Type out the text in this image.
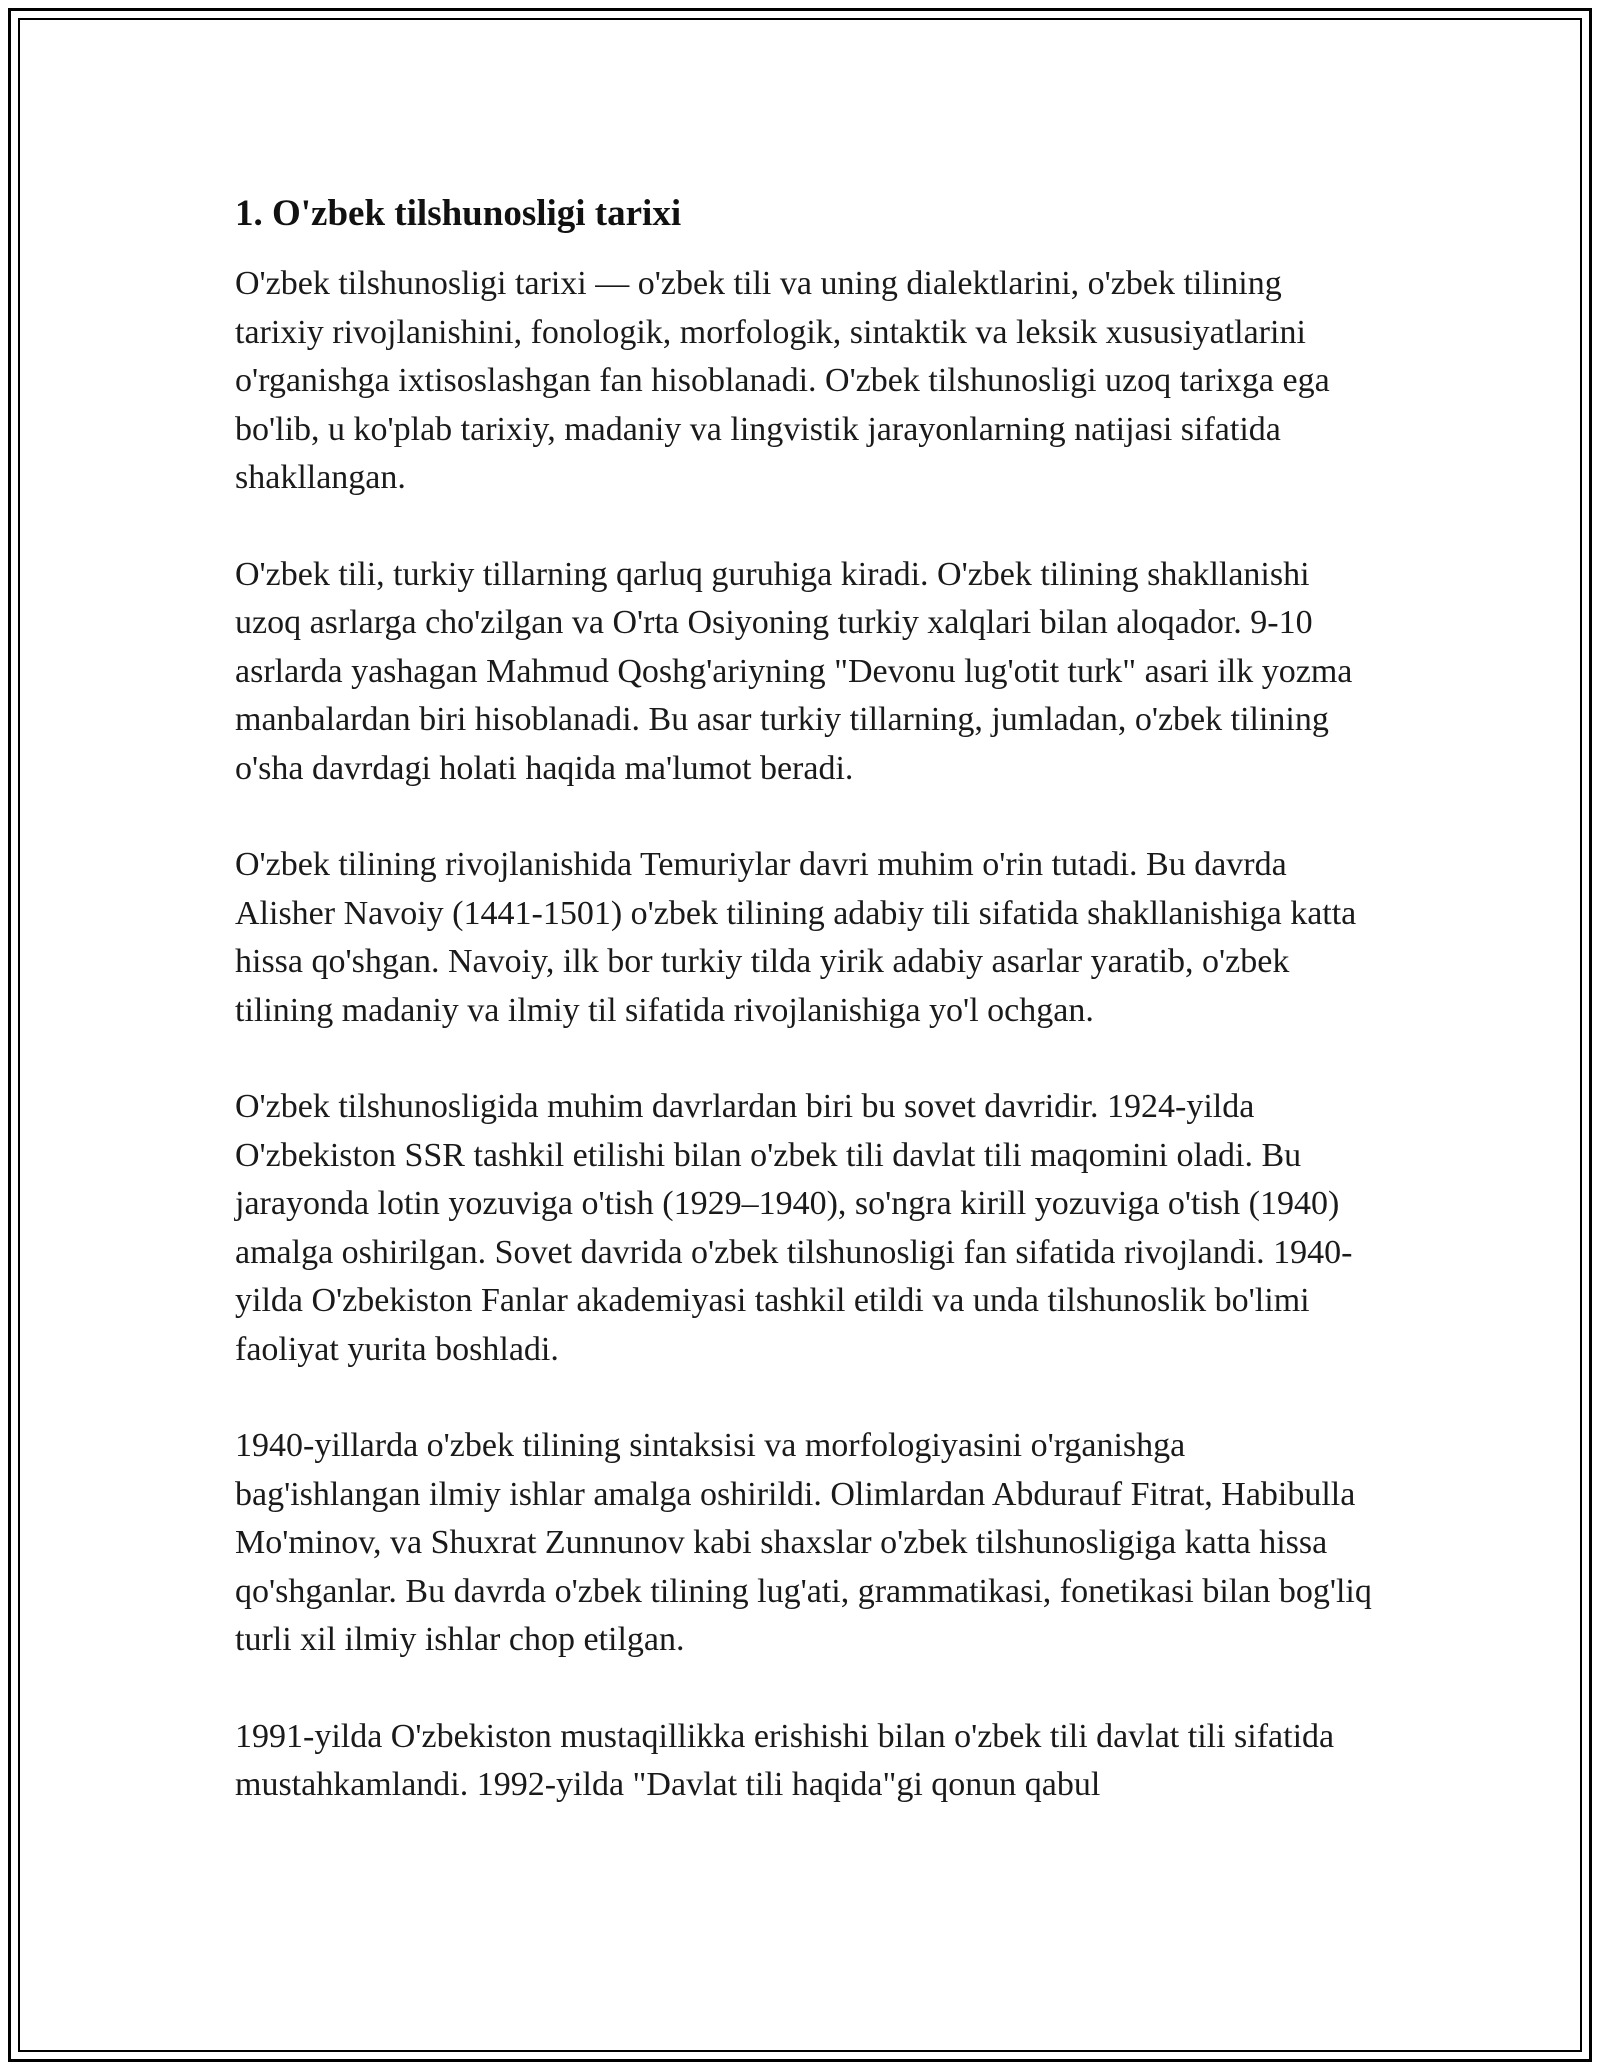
1. O'zbek tilshunosligi tarixi

O'zbek tilshunosligi tarixi — o'zbek tili va uning dialektlarini, o'zbek tilining tarixiy rivojlanishini, fonologik, morfologik, sintaktik va leksik xususiyatlarini o'rganishga ixtisoslashgan fan hisoblanadi. O'zbek tilshunosligi uzoq tarixga ega bo'lib, u ko'plab tarixiy, madaniy va lingvistik jarayonlarning natijasi sifatida shakllangan.

O'zbek tili, turkiy tillarning qarluq guruhiga kiradi. O'zbek tilining shakllanishi uzoq asrlarga cho'zilgan va O'rta Osiyoning turkiy xalqlari bilan aloqador. 9-10 asrlarda yashagan Mahmud Qoshg'ariyning "Devonu lug'otit turk" asari ilk yozma manbalardan biri hisoblanadi. Bu asar turkiy tillarning, jumladan, o'zbek tilining o'sha davrdagi holati haqida ma'lumot beradi.

O'zbek tilining rivojlanishida Temuriylar davri muhim o'rin tutadi. Bu davrda Alisher Navoiy (1441-1501) o'zbek tilining adabiy tili sifatida shakllanishiga katta hissa qo'shgan. Navoiy, ilk bor turkiy tilda yirik adabiy asarlar yaratib, o'zbek tilining madaniy va ilmiy til sifatida rivojlanishiga yo'l ochgan.

O'zbek tilshunosligida muhim davrlardan biri bu sovet davridir. 1924-yilda O'zbekiston SSR tashkil etilishi bilan o'zbek tili davlat tili maqomini oladi. Bu jarayonda lotin yozuviga o'tish (1929–1940), so'ngra kirill yozuviga o'tish (1940) amalga oshirilgan. Sovet davrida o'zbek tilshunosligi fan sifatida rivojlandi. 1940-yilda O'zbekiston Fanlar akademiyasi tashkil etildi va unda tilshunoslik bo'limi faoliyat yurita boshladi.

1940-yillarda o'zbek tilining sintaksisi va morfologiyasini o'rganishga bag'ishlangan ilmiy ishlar amalga oshirildi. Olimlardan Abdurauf Fitrat, Habibulla Mo'minov, va Shuxrat Zunnunov kabi shaxslar o'zbek tilshunosligiga katta hissa qo'shganlar. Bu davrda o'zbek tilining lug'ati, grammatikasi, fonetikasi bilan bog'liq turli xil ilmiy ishlar chop etilgan.

1991-yilda O'zbekiston mustaqillikka erishishi bilan o'zbek tili davlat tili sifatida mustahkamlandi. 1992-yilda "Davlat tili haqida"gi qonun qabul
